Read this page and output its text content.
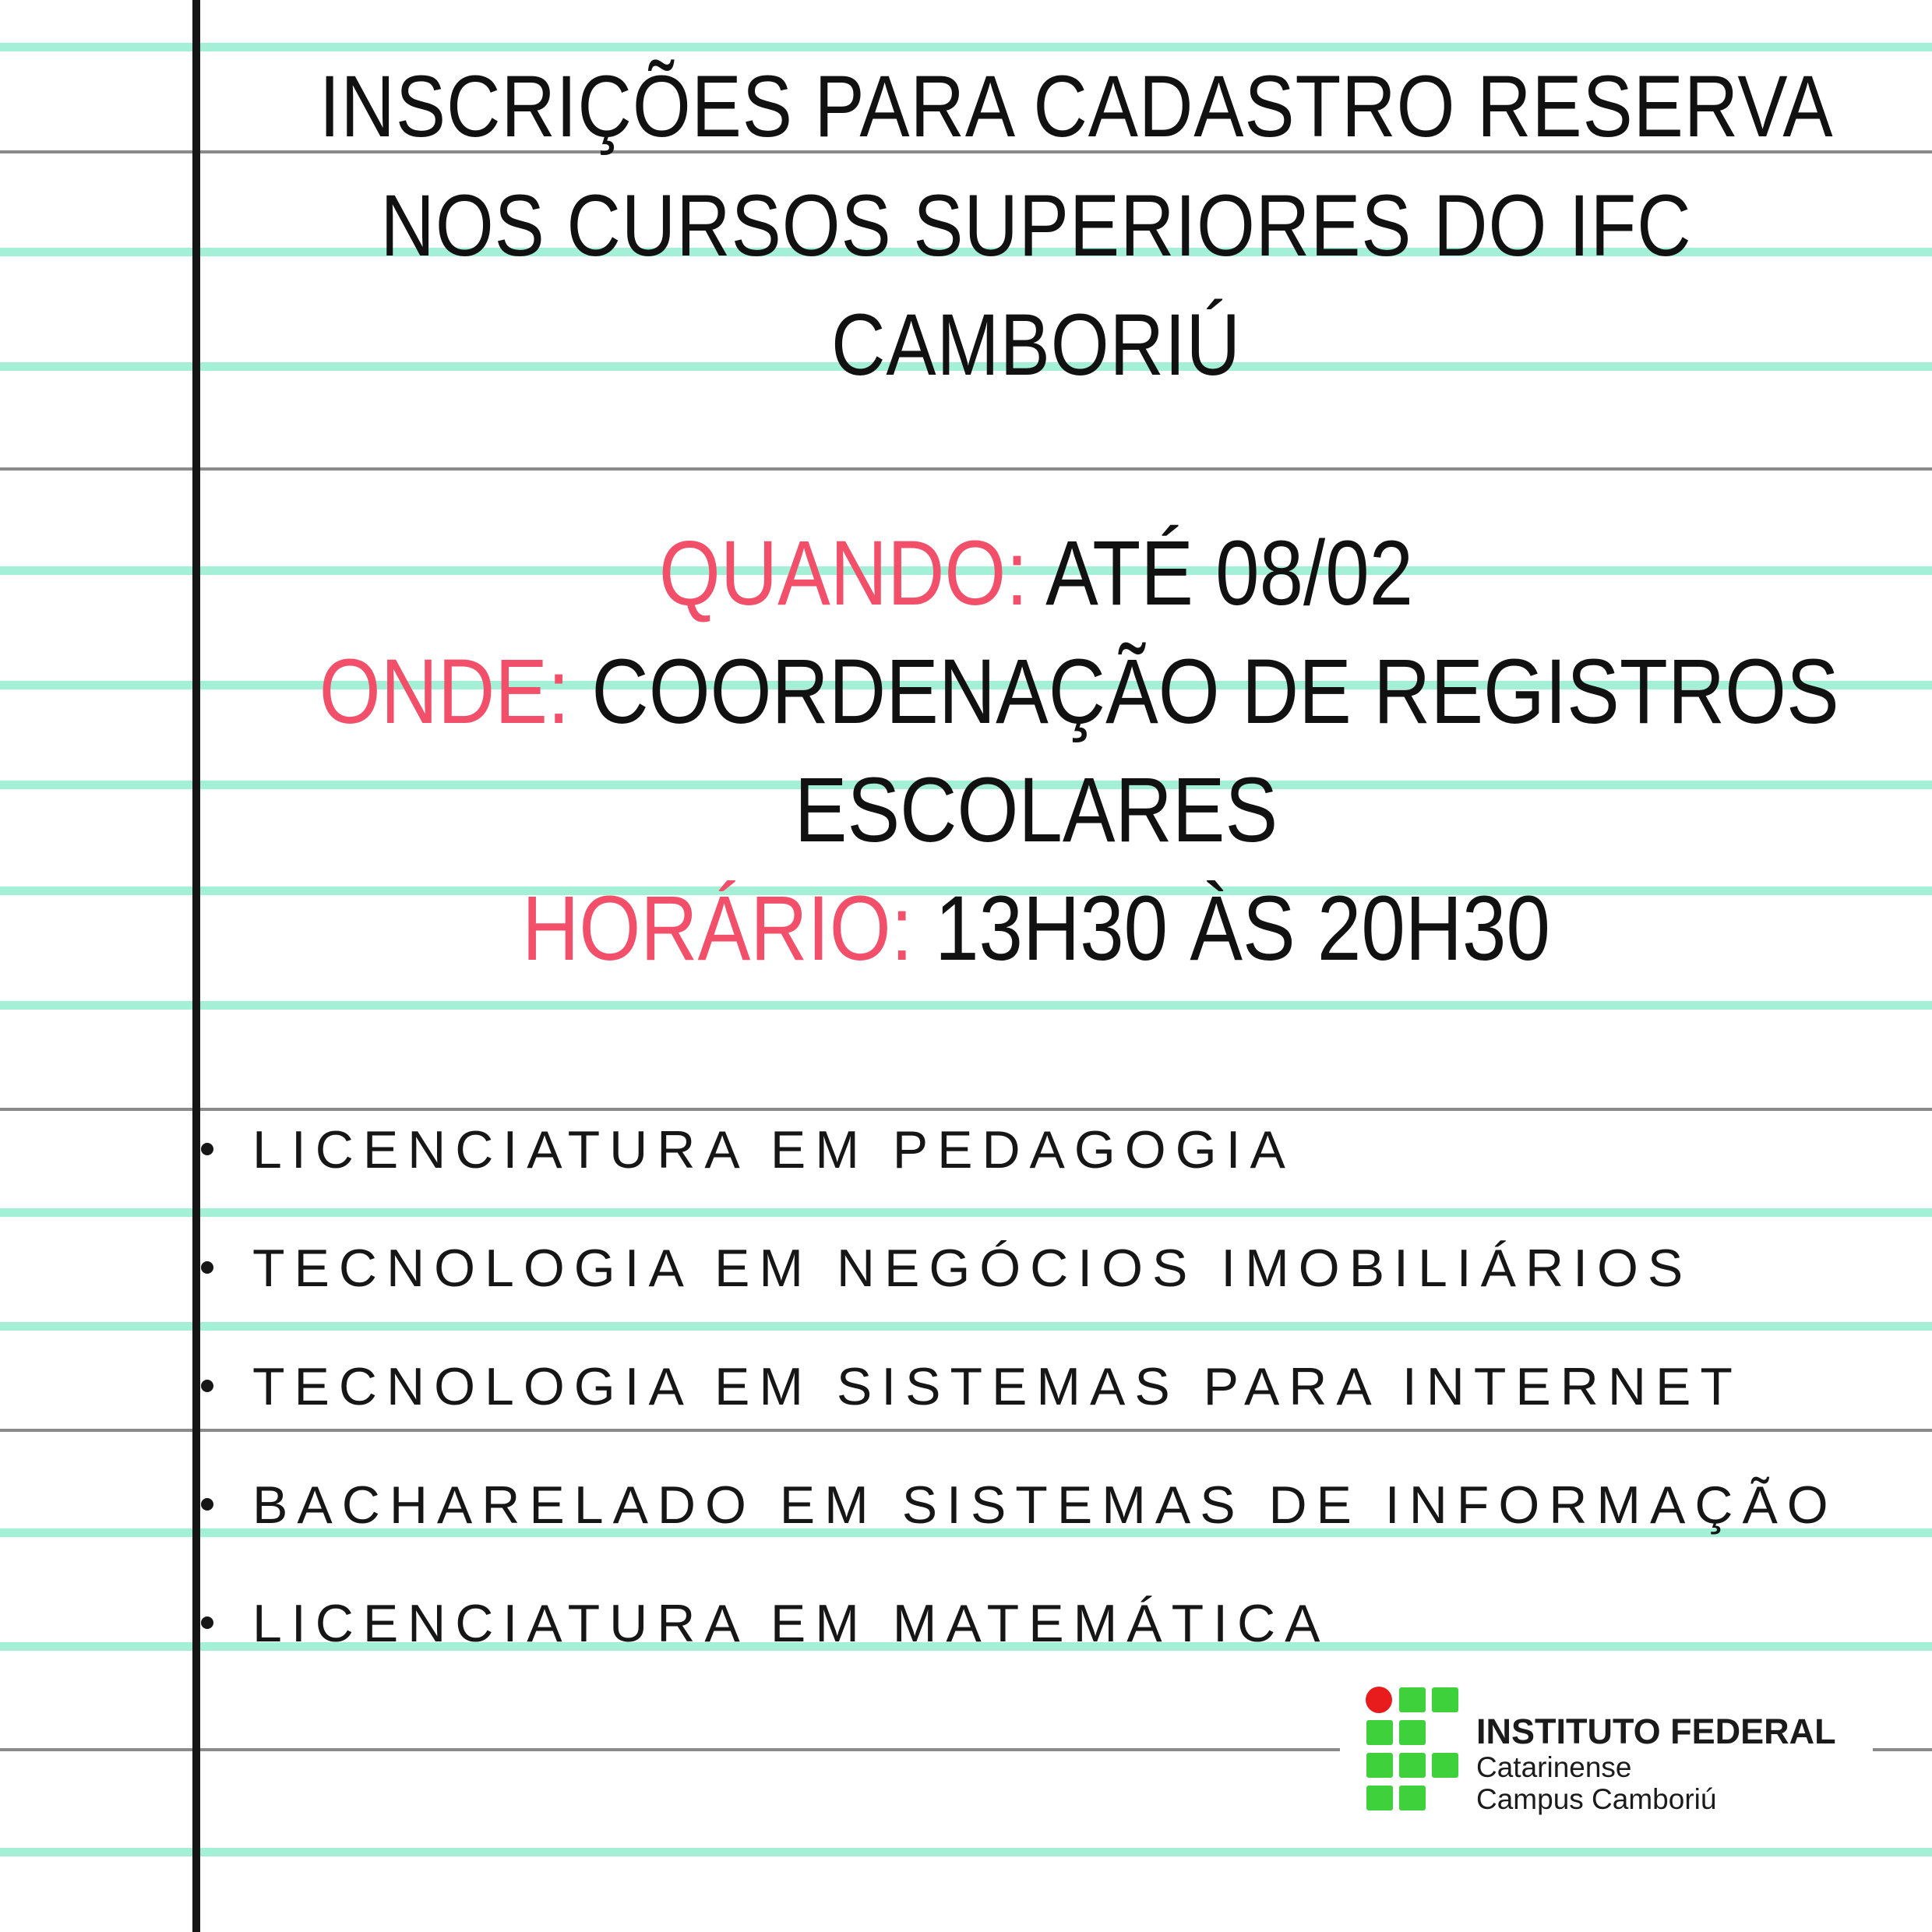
INSCRIÇÕES PARA CADASTRO RESERVA
NOS CURSOS SUPERIORES DO IFC
CAMBORIÚ
QUANDO: ATÉ 08/02
ONDE: COORDENAÇÃO DE REGISTROS
ESCOLARES
HORÁRIO: 13H30 ÀS 20H30
LICENCIATURA EM PEDAGOGIA
TECNOLOGIA EM NEGÓCIOS IMOBILIÁRIOS
TECNOLOGIA EM SISTEMAS PARA INTERNET
BACHARELADO EM SISTEMAS DE INFORMAÇÃO
LICENCIATURA EM MATEMÁTICA
INSTITUTO FEDERAL
Catarinense
Campus Camboriú
